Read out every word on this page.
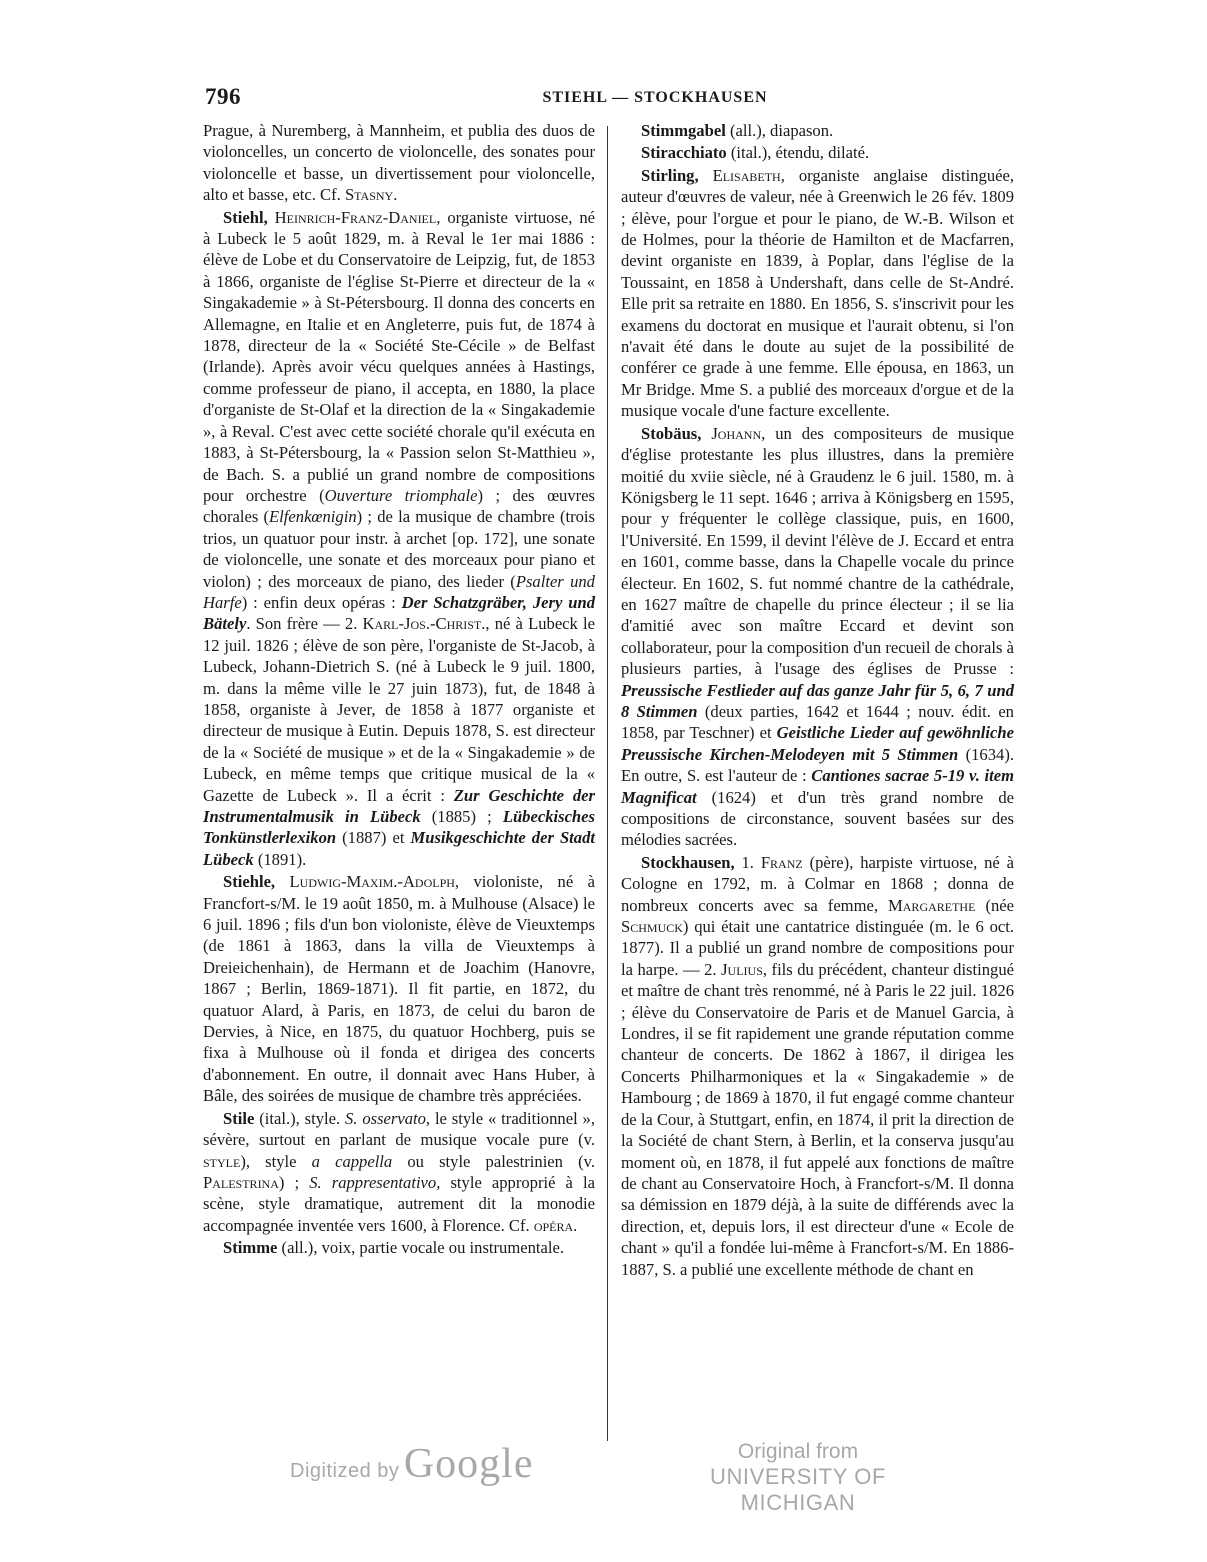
796	STIEHL — STOCKHAUSEN

Prague, à Nuremberg, à Mannheim, et publia des duos de violoncelles, un concerto de violoncelle, des sonates pour violoncelle et basse, un divertissement pour violoncelle, alto et basse, etc. Cf. Stasny.

Stiehl, Heinrich-Franz-Daniel, organiste virtuose, né à Lubeck le 5 août 1829, m. à Reval le 1er mai 1886 : élève de Lobe et du Conservatoire de Leipzig, fut, de 1853 à 1866, organiste de l'église St-Pierre et directeur de la « Singakademie » à St-Pétersbourg. Il donna des concerts en Allemagne, en Italie et en Angleterre, puis fut, de 1874 à 1878, directeur de la « Société Ste-Cécile » de Belfast (Irlande). Après avoir vécu quelques années à Hastings, comme professeur de piano, il accepta, en 1880, la place d'organiste de St-Olaf et la direction de la « Singakademie », à Reval. C'est avec cette société chorale qu'il exécuta en 1883, à St-Pétersbourg, la « Passion selon St-Matthieu », de Bach. S. a publié un grand nombre de compositions pour orchestre (Ouverture triomphale) ; des œuvres chorales (Elfenkœnigin) ; de la musique de chambre (trois trios, un quatuor pour instr. à archet [op. 172], une sonate de violoncelle, une sonate et des morceaux pour piano et violon) ; des morceaux de piano, des lieder (Psalter und Harfe) : enfin deux opéras : Der Schatzgräber, Jery und Bätely. Son frère — 2. Karl-Jos.-Christ., né à Lubeck le 12 juil. 1826 ; élève de son père, l'organiste de St-Jacob, à Lubeck, Johann-Dietrich S. (né à Lubeck le 9 juil. 1800, m. dans la même ville le 27 juin 1873), fut, de 1848 à 1858, organiste à Jever, de 1858 à 1877 organiste et directeur de musique à Eutin. Depuis 1878, S. est directeur de la « Société de musique » et de la « Singakademie » de Lubeck, en même temps que critique musical de la « Gazette de Lubeck ». Il a écrit : Zur Geschichte der Instrumentalmusik in Lübeck (1885) ; Lübeckisches Tonkünstlerlexikon (1887) et Musikgeschichte der Stadt Lübeck (1891).

Stiehle, Ludwig-Maxim.-Adolph, violoniste, né à Francfort-s/M. le 19 août 1850, m. à Mulhouse (Alsace) le 6 juil. 1896 ; fils d'un bon violoniste, élève de Vieuxtemps (de 1861 à 1863, dans la villa de Vieuxtemps à Dreieichenhain), de Hermann et de Joachim (Hanovre, 1867 ; Berlin, 1869-1871). Il fit partie, en 1872, du quatuor Alard, à Paris, en 1873, de celui du baron de Dervies, à Nice, en 1875, du quatuor Hochberg, puis se fixa à Mulhouse où il fonda et dirigea des concerts d'abonnement. En outre, il donnait avec Hans Huber, à Bâle, des soirées de musique de chambre très appréciées.

Stile (ital.), style. S. osservato, le style « traditionnel », sévère, surtout en parlant de musique vocale pure (v. style), style a cappella ou style palestrinien (v. Palestrina) ; S. rappresentativo, style approprié à la scène, style dramatique, autrement dit la monodie accompagnée inventée vers 1600, à Florence. Cf. opéra.

Stimme (all.), voix, partie vocale ou instrumentale.

Stimmgabel (all.), diapason.

Stiracchiato (ital.), étendu, dilaté.

Stirling, Elisabeth, organiste anglaise distinguée, auteur d'œuvres de valeur, née à Greenwich le 26 fév. 1809 ; élève, pour l'orgue et pour le piano, de W.-B. Wilson et de Holmes, pour la théorie de Hamilton et de Macfarren, devint organiste en 1839, à Poplar, dans l'église de la Toussaint, en 1858 à Undershaft, dans celle de St-André. Elle prit sa retraite en 1880. En 1856, S. s'inscrivit pour les examens du doctorat en musique et l'aurait obtenu, si l'on n'avait été dans le doute au sujet de la possibilité de conférer ce grade à une femme. Elle épousa, en 1863, un Mr Bridge. Mme S. a publié des morceaux d'orgue et de la musique vocale d'une facture excellente.

Stobäus, Johann, un des compositeurs de musique d'église protestante les plus illustres, dans la première moitié du xviie siècle, né à Graudenz le 6 juil. 1580, m. à Königsberg le 11 sept. 1646 ; arriva à Königsberg en 1595, pour y fréquenter le collège classique, puis, en 1600, l'Université. En 1599, il devint l'élève de J. Eccard et entra en 1601, comme basse, dans la Chapelle vocale du prince électeur. En 1602, S. fut nommé chantre de la cathédrale, en 1627 maître de chapelle du prince électeur ; il se lia d'amitié avec son maître Eccard et devint son collaborateur, pour la composition d'un recueil de chorals à plusieurs parties, à l'usage des églises de Prusse : Preussische Festlieder auf das ganze Jahr für 5, 6, 7 und 8 Stimmen (deux parties, 1642 et 1644 ; nouv. édit. en 1858, par Teschner) et Geistliche Lieder auf gewöhnliche Preussische Kirchen-Melodeyen mit 5 Stimmen (1634). En outre, S. est l'auteur de : Cantiones sacrae 5-19 v. item Magnificat (1624) et d'un très grand nombre de compositions de circonstance, souvent basées sur des mélodies sacrées.

Stockhausen, 1. Franz (père), harpiste virtuose, né à Cologne en 1792, m. à Colmar en 1868 ; donna de nombreux concerts avec sa femme, Margarethe (née Schmuck) qui était une cantatrice distinguée (m. le 6 oct. 1877). Il a publié un grand nombre de compositions pour la harpe. — 2. Julius, fils du précédent, chanteur distingué et maître de chant très renommé, né à Paris le 22 juil. 1826 ; élève du Conservatoire de Paris et de Manuel Garcia, à Londres, il se fit rapidement une grande réputation comme chanteur de concerts. De 1862 à 1867, il dirigea les Concerts Philharmoniques et la « Singakademie » de Hambourg ; de 1869 à 1870, il fut engagé comme chanteur de la Cour, à Stuttgart, enfin, en 1874, il prit la direction de la Société de chant Stern, à Berlin, et la conserva jusqu'au moment où, en 1878, il fut appelé aux fonctions de maître de chant au Conservatoire Hoch, à Francfort-s/M. Il donna sa démission en 1879 déjà, à la suite de différends avec la direction, et, depuis lors, il est directeur d'une « Ecole de chant » qu'il a fondée lui-même à Francfort-s/M. En 1886-1887, S. a publié une excellente méthode de chant en

Digitized by Google	Original from
UNIVERSITY OF MICHIGAN
